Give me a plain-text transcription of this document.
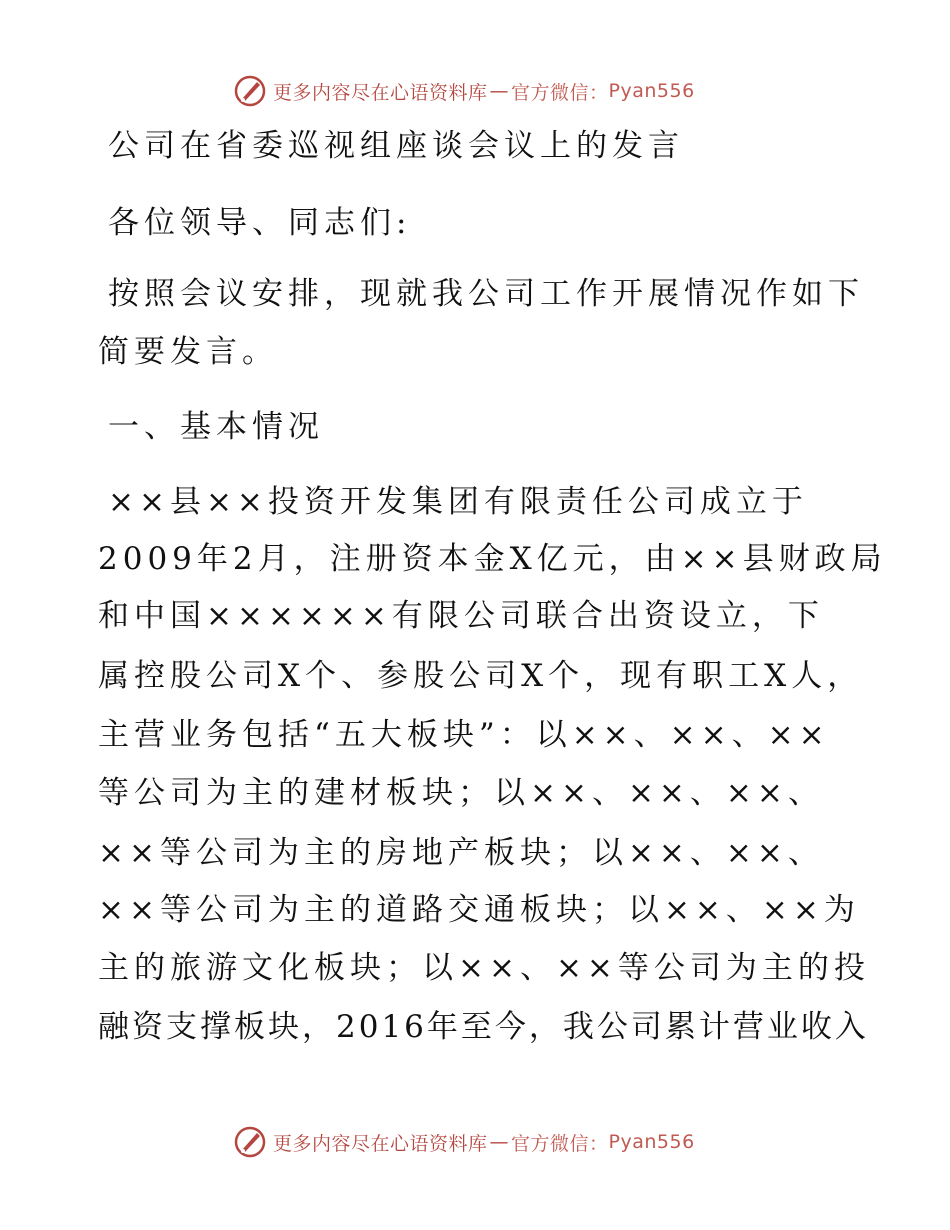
更多内容尽在心语资料库 — 官方微信： Pyan556
公司在省委巡视组座谈会议上的发言
各位领导、同志们:
按照会议安排，现就我公司工作开展情况作如下
简要发言。
一、基本情况
××县××投资开发集团有限责任公司成立于
2009年2月，注册资本金X亿元，由××县财政局
和中国××××××有限公司联合出资设立，下
属控股公司X个、参股公司X个，现有职工X人，
主营业务包括“五大板块”：以××、××、××
等公司为主的建材板块；以××、××、××、
××等公司为主的房地产板块；以××、××、
××等公司为主的道路交通板块；以××、××为
主的旅游文化板块；以××、××等公司为主的投
融资支撑板块，2016年至今，我公司累计营业收入
更多内容尽在心语资料库 — 官方微信： Pyan556
